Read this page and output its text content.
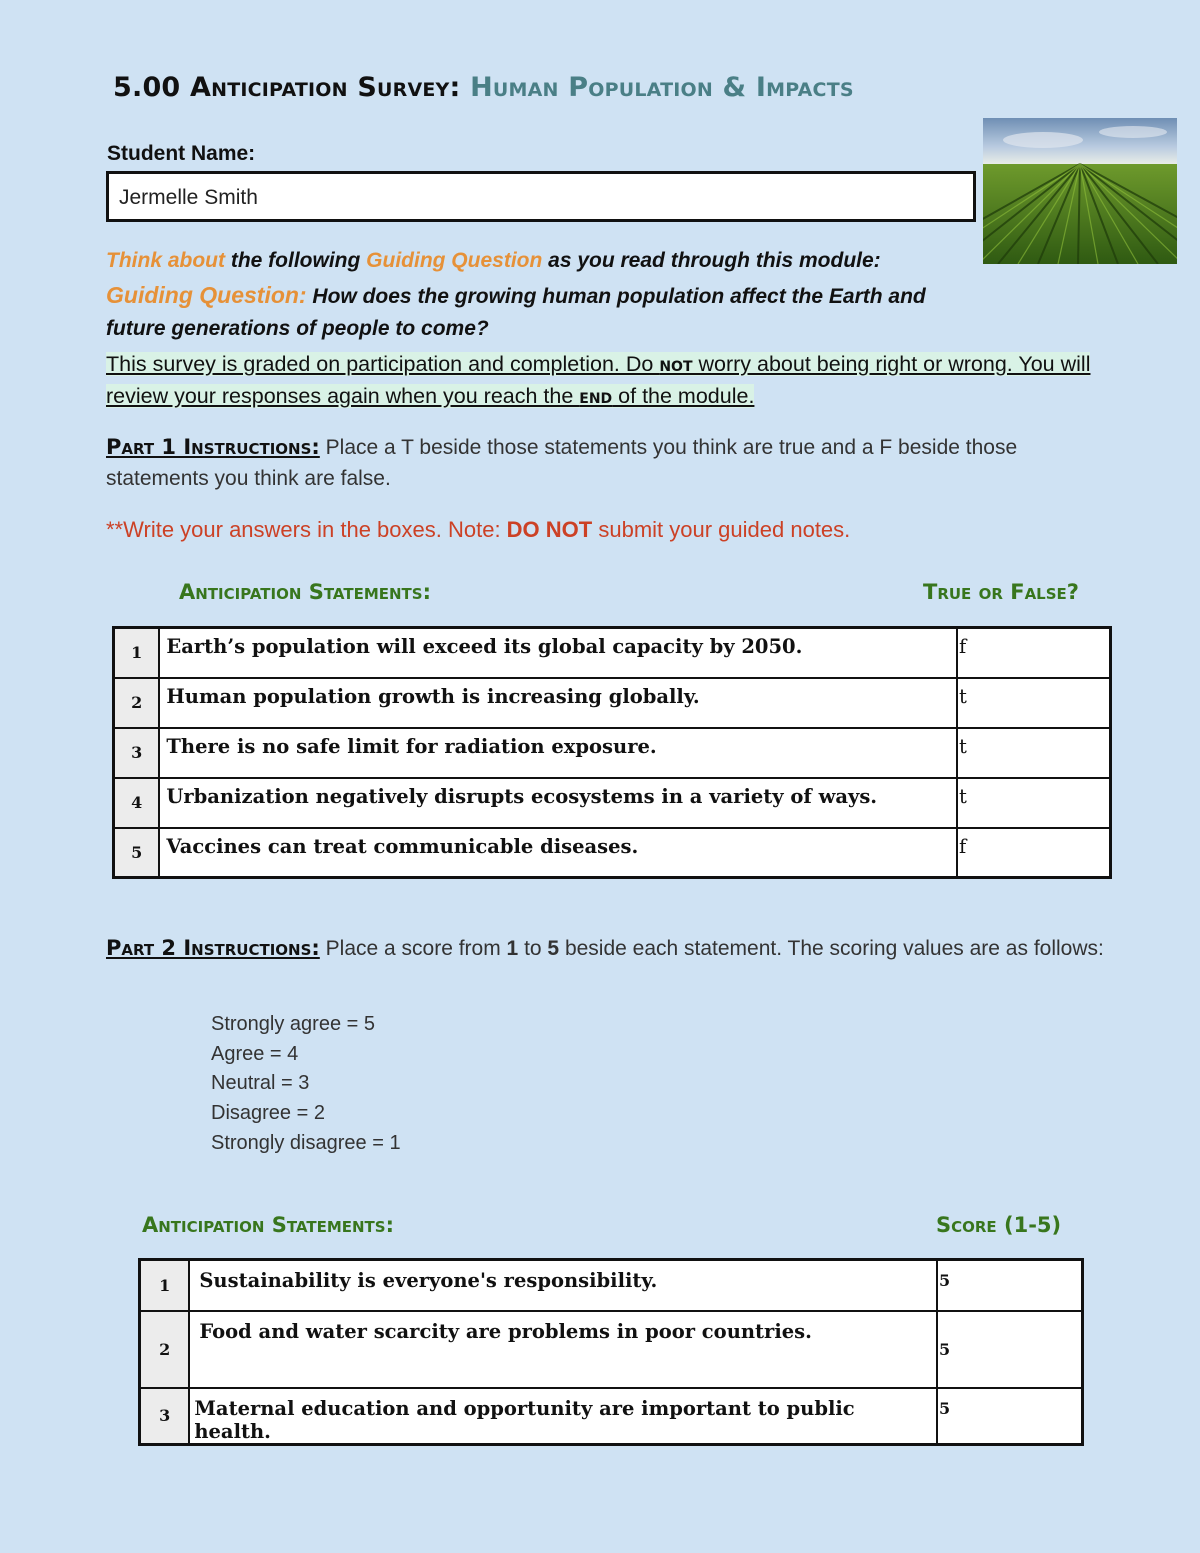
5.00 Anticipation Survey: Human Population & Impacts
Student Name:
Jermelle Smith
Think about the following Guiding Question as you read through this module:
Guiding Question: How does the growing human population affect the Earth and
future generations of people to come?
This survey is graded on participation and completion. Do not worry about being right or wrong. You will review your responses again when you reach the end of the module.
Part 1 Instructions: Place a T beside those statements you think are true and a F beside those statements you think are false.
**Write your answers in the boxes. Note: DO NOT submit your guided notes.
Anticipation Statements:	True or False?
1	Earth’s population will exceed its global capacity by 2050.	f
2	Human population growth is increasing globally.	t
3	There is no safe limit for radiation exposure.	t
4	Urbanization negatively disrupts ecosystems in a variety of ways.	t
5	Vaccines can treat communicable diseases.	f
Part 2 Instructions: Place a score from 1 to 5 beside each statement. The scoring values are as follows:
Strongly agree = 5
Agree = 4
Neutral = 3
Disagree = 2
Strongly disagree = 1
Anticipation Statements:	Score (1-5)
1	Sustainability is everyone's responsibility.	5
2	Food and water scarcity are problems in poor countries.	5
3	Maternal education and opportunity are important to public health.	5
